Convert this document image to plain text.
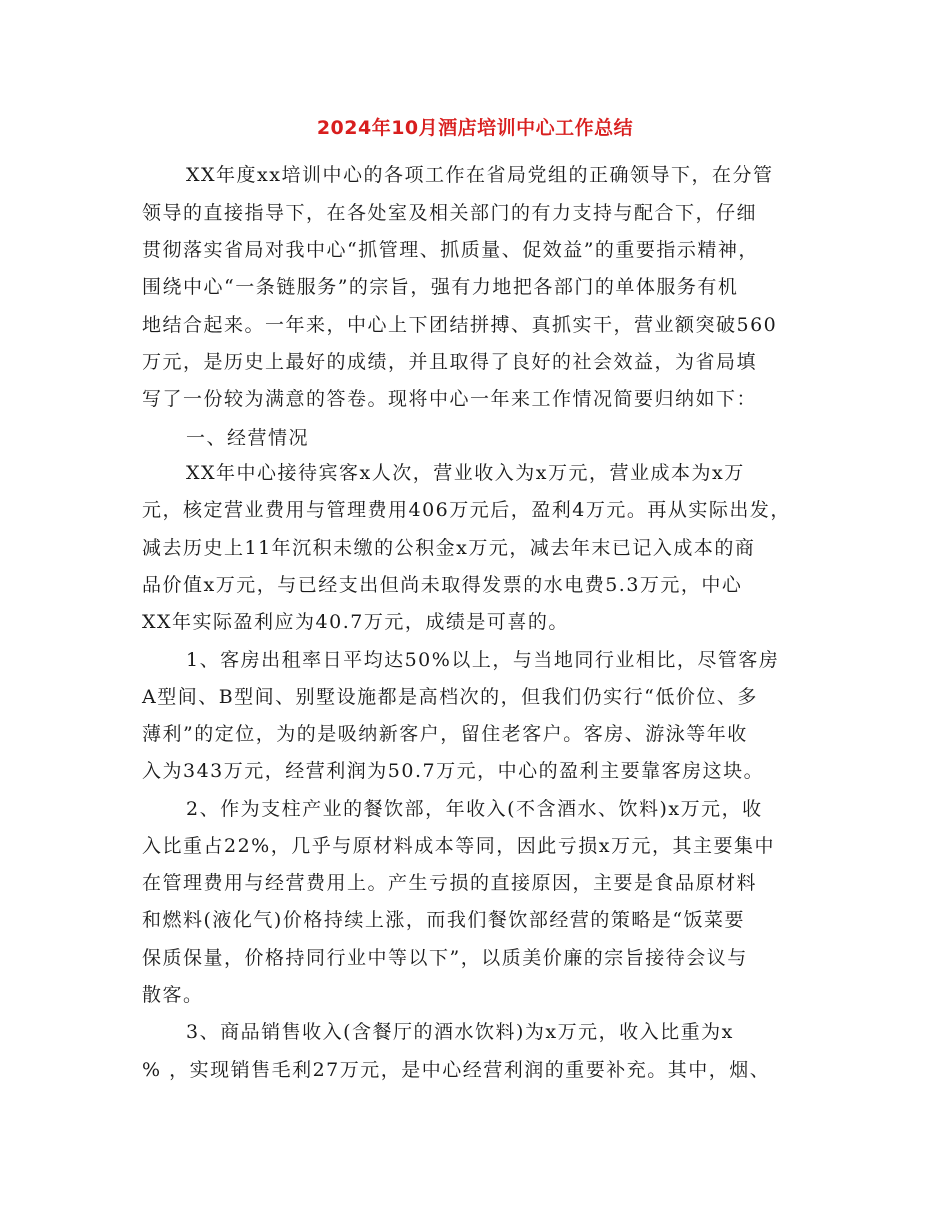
2024年10月酒店培训中心工作总结
XX年度xx培训中心的各项工作在省局党组的正确领导下，在分管
领导的直接指导下，在各处室及相关部门的有力支持与配合下，仔细
贯彻落实省局对我中心“抓管理、抓质量、促效益”的重要指示精神，
围绕中心“一条链服务”的宗旨，强有力地把各部门的单体服务有机
地结合起来。一年来，中心上下团结拼搏、真抓实干，营业额突破560
万元，是历史上最好的成绩，并且取得了良好的社会效益，为省局填
写了一份较为满意的答卷。现将中心一年来工作情况简要归纳如下：
一、经营情况
XX年中心接待宾客x人次，营业收入为x万元，营业成本为x万
元，核定营业费用与管理费用406万元后，盈利4万元。再从实际出发，
减去历史上11年沉积未缴的公积金x万元，减去年末已记入成本的商
品价值x万元，与已经支出但尚未取得发票的水电费5.3万元，中心
XX年实际盈利应为40.7万元，成绩是可喜的。
1、客房出租率日平均达50%以上，与当地同行业相比，尽管客房
A型间、B型间、别墅设施都是高档次的，但我们仍实行“低价位、多
薄利”的定位，为的是吸纳新客户，留住老客户。客房、游泳等年收
入为343万元，经营利润为50.7万元，中心的盈利主要靠客房这块。
2、作为支柱产业的餐饮部，年收入(不含酒水、饮料)x万元，收
入比重占22%，几乎与原材料成本等同，因此亏损x万元，其主要集中
在管理费用与经营费用上。产生亏损的直接原因，主要是食品原材料
和燃料(液化气)价格持续上涨，而我们餐饮部经营的策略是“饭菜要
保质保量，价格持同行业中等以下”，以质美价廉的宗旨接待会议与
散客。
3、商品销售收入(含餐厅的酒水饮料)为x万元，收入比重为x
% ，实现销售毛利27万元，是中心经营利润的重要补充。其中，烟、
